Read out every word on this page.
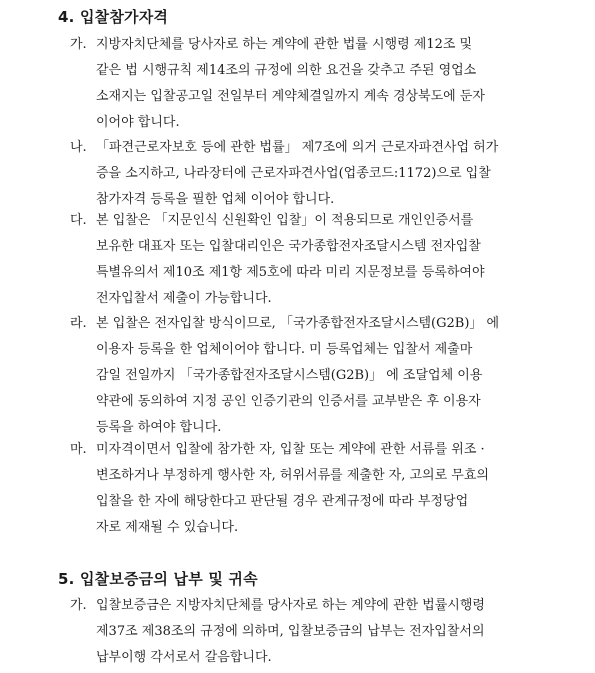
4. 입찰참가자격
가. 지방자치단체를 당사자로 하는 계약에 관한 법률 시행령 제12조 및
같은 법 시행규칙 제14조의 규정에 의한 요건을 갖추고 주된 영업소
소재지는 입찰공고일 전일부터 계약체결일까지 계속 경상북도에 둔자
이어야 합니다.
나. 「파견근로자보호 등에 관한 법률」 제7조에 의거 근로자파견사업 허가
증을 소지하고, 나라장터에 근로자파견사업(업종코드:1172)으로 입찰
참가자격 등록을 필한 업체 이어야 합니다.
다. 본 입찰은 「지문인식 신원확인 입찰」이 적용되므로 개인인증서를
보유한 대표자 또는 입찰대리인은 국가종합전자조달시스템 전자입찰
특별유의서 제10조 제1항 제5호에 따라 미리 지문정보를 등록하여야
전자입찰서 제출이 가능합니다.
라. 본 입찰은 전자입찰 방식이므로, 「국가종합전자조달시스템(G2B)」 에
이용자 등록을 한 업체이어야 합니다. 미 등록업체는 입찰서 제출마
감일 전일까지 「국가종합전자조달시스템(G2B)」 에 조달업체 이용
약관에 동의하여 지정 공인 인증기관의 인증서를 교부받은 후 이용자
등록을 하여야 합니다.
마. 미자격이면서 입찰에 참가한 자, 입찰 또는 계약에 관한 서류를 위조 ·
변조하거나 부정하게 행사한 자, 허위서류를 제출한 자, 고의로 무효의
입찰을 한 자에 해당한다고 판단될 경우 관계규정에 따라 부정당업
자로 제재될 수 있습니다.
5. 입찰보증금의 납부 및 귀속
가. 입찰보증금은 지방자치단체를 당사자로 하는 계약에 관한 법률시행령
제37조 제38조의 규정에 의하며, 입찰보증금의 납부는 전자입찰서의
납부이행 각서로서 갈음합니다.
